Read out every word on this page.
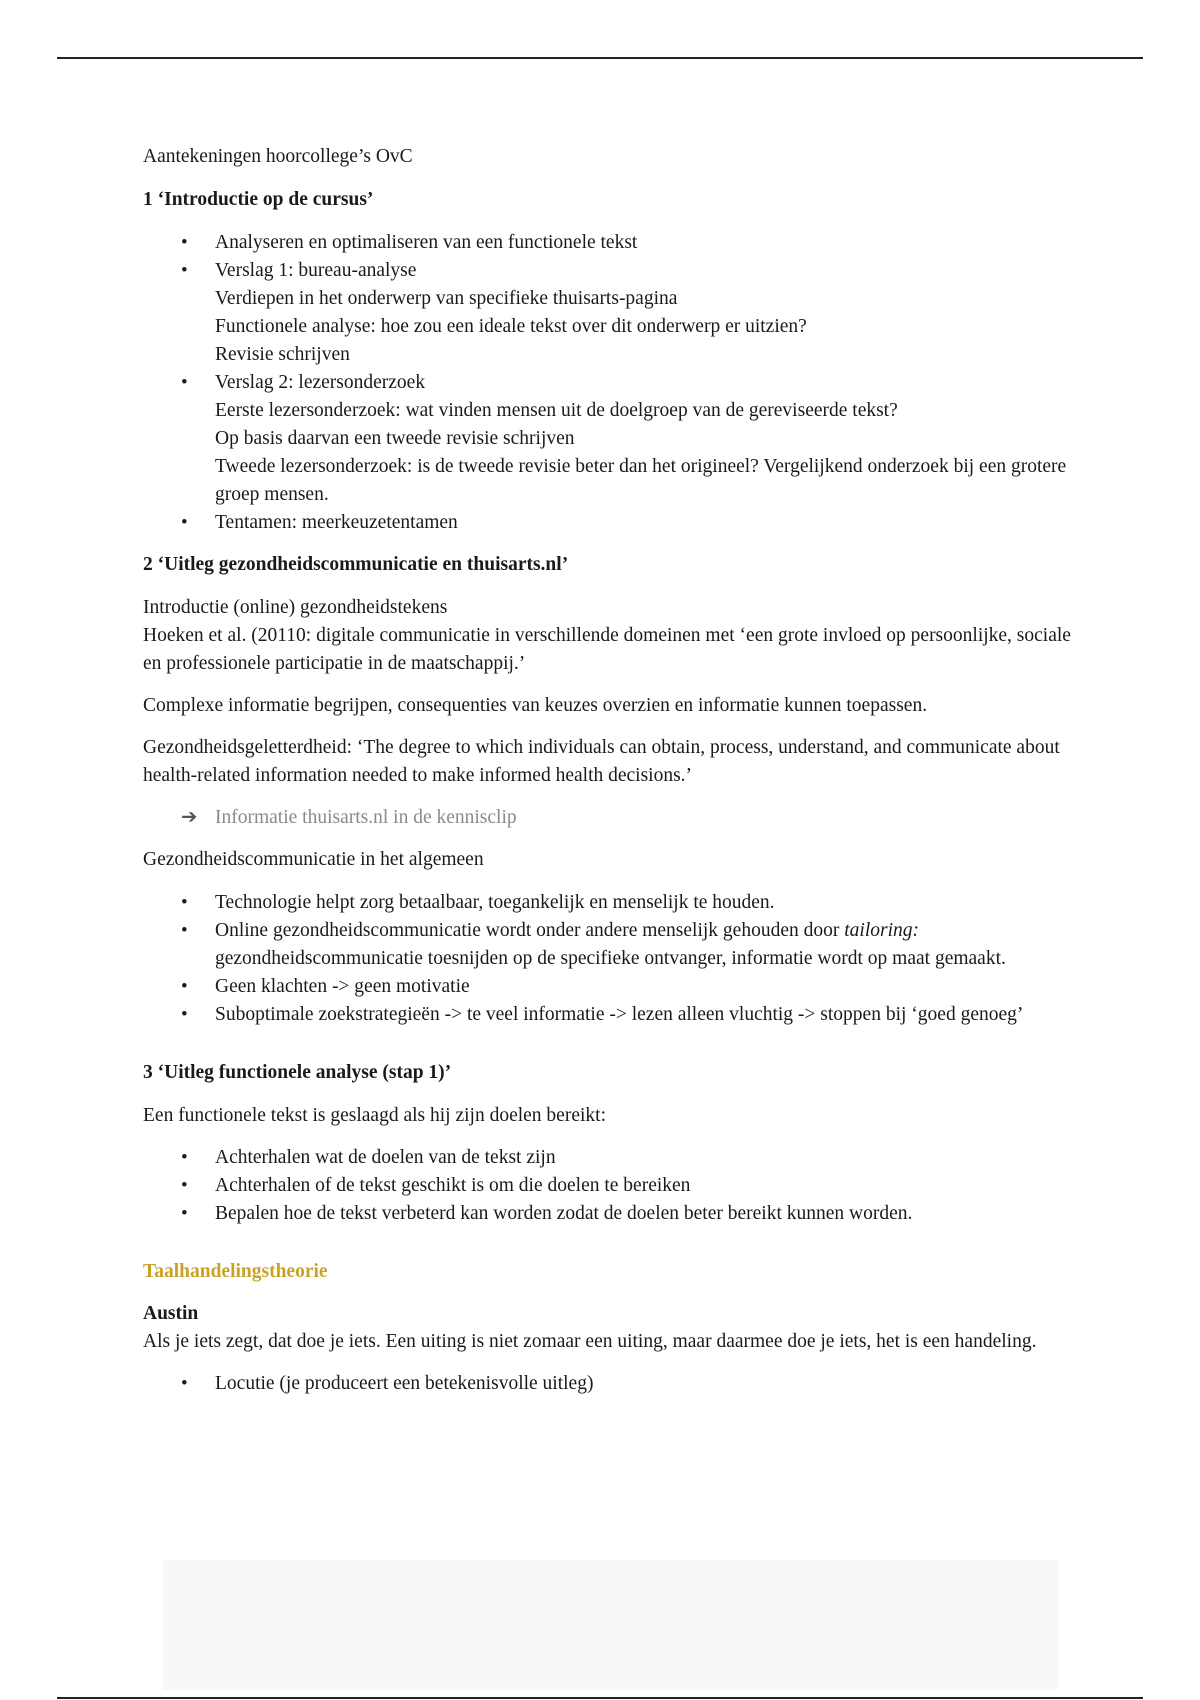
Aantekeningen hoorcollege’s OvC

1 ‘Introductie op de cursus’

• Analyseren en optimaliseren van een functionele tekst
• Verslag 1: bureau-analyse
Verdiepen in het onderwerp van specifieke thuisarts-pagina
Functionele analyse: hoe zou een ideale tekst over dit onderwerp er uitzien?
Revisie schrijven
• Verslag 2: lezersonderzoek
Eerste lezersonderzoek: wat vinden mensen uit de doelgroep van de gereviseerde tekst?
Op basis daarvan een tweede revisie schrijven
Tweede lezersonderzoek: is de tweede revisie beter dan het origineel? Vergelijkend onderzoek bij een grotere groep mensen.
• Tentamen: meerkeuzetentamen

2 ‘Uitleg gezondheidscommunicatie en thuisarts.nl’

Introductie (online) gezondheidstekens
Hoeken et al. (20110: digitale communicatie in verschillende domeinen met ‘een grote invloed op persoonlijke, sociale en professionele participatie in de maatschappij.’

Complexe informatie begrijpen, consequenties van keuzes overzien en informatie kunnen toepassen.

Gezondheidsgeletterdheid: ‘The degree to which individuals can obtain, process, understand, and communicate about health-related information needed to make informed health decisions.’

➔ Informatie thuisarts.nl in de kennisclip

Gezondheidscommunicatie in het algemeen

• Technologie helpt zorg betaalbaar, toegankelijk en menselijk te houden.
• Online gezondheidscommunicatie wordt onder andere menselijk gehouden door tailoring: gezondheidscommunicatie toesnijden op de specifieke ontvanger, informatie wordt op maat gemaakt.
• Geen klachten -> geen motivatie
• Suboptimale zoekstrategieën -> te veel informatie -> lezen alleen vluchtig -> stoppen bij ‘goed genoeg’

3 ‘Uitleg functionele analyse (stap 1)’

Een functionele tekst is geslaagd als hij zijn doelen bereikt:

• Achterhalen wat de doelen van de tekst zijn
• Achterhalen of de tekst geschikt is om die doelen te bereiken
• Bepalen hoe de tekst verbeterd kan worden zodat de doelen beter bereikt kunnen worden.

Taalhandelingstheorie

Austin

Als je iets zegt, dat doe je iets. Een uiting is niet zomaar een uiting, maar daarmee doe je iets, het is een handeling.

• Locutie (je produceert een betekenisvolle uitleg)
